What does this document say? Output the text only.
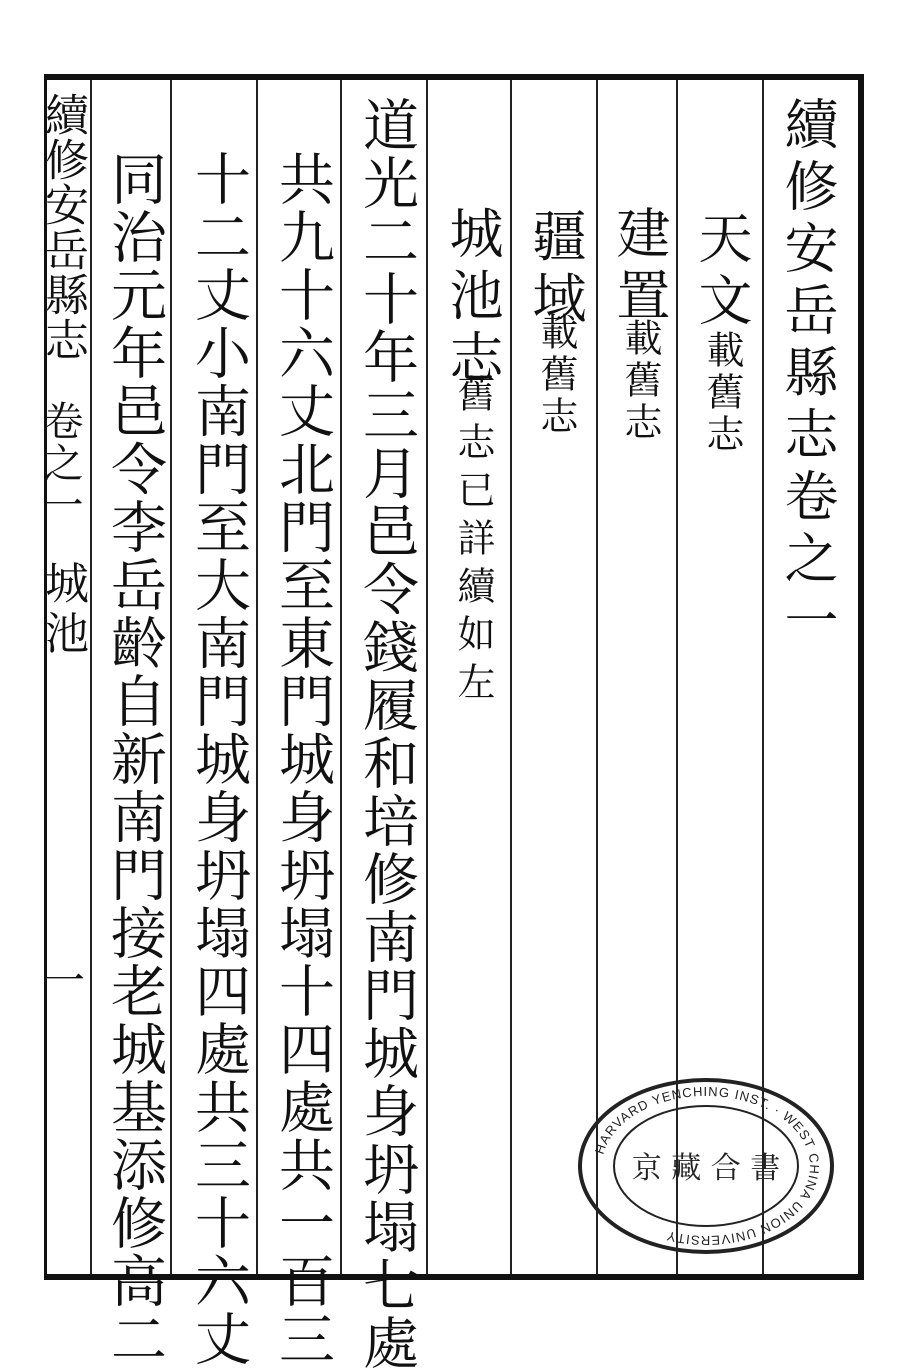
續修安岳縣志
卷之一
城池
一
續修安岳縣志卷之一
天文
載舊志
建置
載舊志
疆域
載舊志
城池志
舊志已詳續如左
道光二十年三月邑令錢履和培修南門城身坍塌七處
共九十六丈北門至東門城身坍塌十四處共一百三
十二丈小南門至大南門城身坍塌四處共三十六丈
同治元年邑令李岳齡自新南門接老城基添修高二	HARVARD YENCHING INST. · WEST CHINA UNION UNIVERSITY
京 藏 合 書
